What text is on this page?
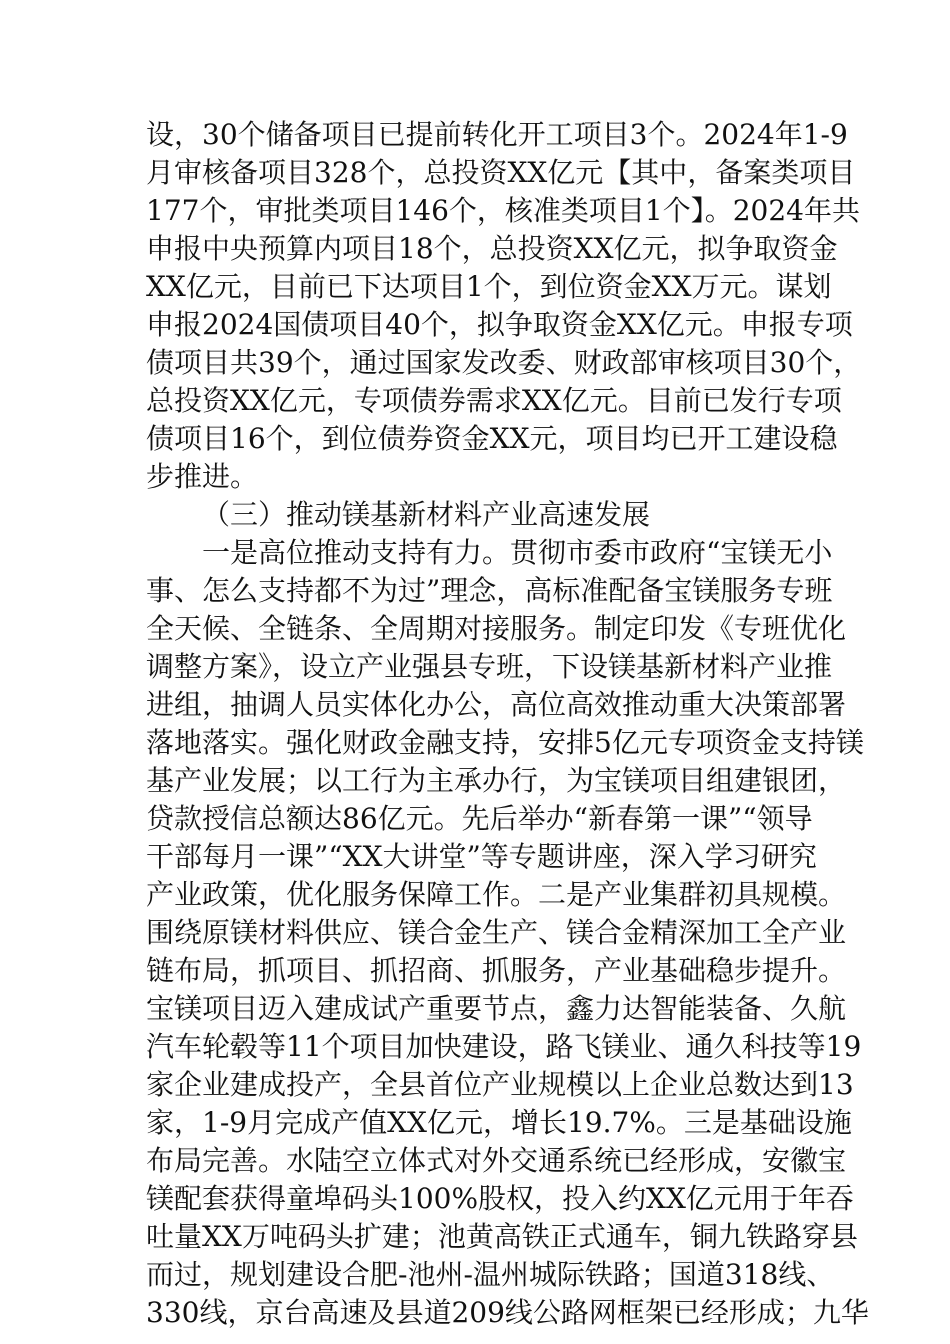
设，30个储备项目已提前转化开工项目3个。2024年1-9
月审核备项目328个，总投资XX亿元【其中，备案类项目
177个，审批类项目146个，核准类项目1个】。2024年共
申报中央预算内项目18个，总投资XX亿元，拟争取资金
XX亿元，目前已下达项目1个，到位资金XX万元。谋划
申报2024国债项目40个，拟争取资金XX亿元。申报专项
债项目共39个，通过国家发改委、财政部审核项目30个，
总投资XX亿元，专项债券需求XX亿元。目前已发行专项
债项目16个，到位债券资金XX元，项目均已开工建设稳
步推进。
（三）推动镁基新材料产业高速发展
一是高位推动支持有力。贯彻市委市政府“宝镁无小
事、怎么支持都不为过”理念，高标准配备宝镁服务专班
全天候、全链条、全周期对接服务。制定印发《专班优化
调整方案》，设立产业强县专班，下设镁基新材料产业推
进组，抽调人员实体化办公，高位高效推动重大决策部署
落地落实。强化财政金融支持，安排5亿元专项资金支持镁
基产业发展；以工行为主承办行，为宝镁项目组建银团，
贷款授信总额达86亿元。先后举办“新春第一课”“领导
干部每月一课”“XX大讲堂”等专题讲座，深入学习研究
产业政策，优化服务保障工作。二是产业集群初具规模。
围绕原镁材料供应、镁合金生产、镁合金精深加工全产业
链布局，抓项目、抓招商、抓服务，产业基础稳步提升。
宝镁项目迈入建成试产重要节点，鑫力达智能装备、久航
汽车轮毂等11个项目加快建设，路飞镁业、通久科技等19
家企业建成投产，全县首位产业规模以上企业总数达到13
家，1-9月完成产值XX亿元，增长19.7%。三是基础设施
布局完善。水陆空立体式对外交通系统已经形成，安徽宝
镁配套获得童埠码头100%股权，投入约XX亿元用于年吞
吐量XX万吨码头扩建；池黄高铁正式通车，铜九铁路穿县
而过，规划建设合肥-池州-温州城际铁路；国道318线、
330线，京台高速及县道209线公路网框架已经形成；九华
